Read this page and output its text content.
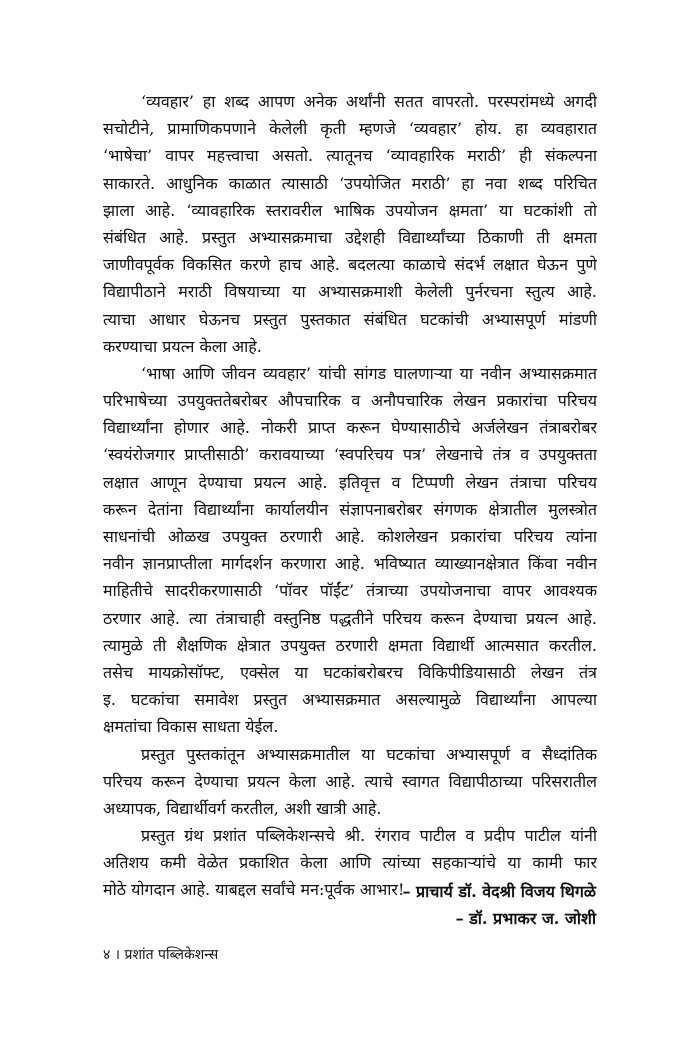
‘व्यवहार’ हा शब्द आपण अनेक अर्थांनी सतत वापरतो. परस्परांमध्ये अगदी
सचोटीने, प्रामाणिकपणाने केलेली कृती म्हणजे ‘व्यवहार’ होय. हा व्यवहारात
‘भाषेचा’ वापर महत्त्वाचा असतो. त्यातूनच ‘व्यावहारिक मराठी’ ही संकल्पना
साकारते. आधुनिक काळात त्यासाठी ‘उपयोजित मराठी’ हा नवा शब्द परिचित
झाला आहे. ‘व्यावहारिक स्तरावरील भाषिक उपयोजन क्षमता’ या घटकांशी तो
संबंधित आहे. प्रस्तुत अभ्यासक्रमाचा उद्देशही विद्यार्थ्यांच्या ठिकाणी ती क्षमता
जाणीवपूर्वक विकसित करणे हाच आहे. बदलत्या काळाचे संदर्भ लक्षात घेऊन पुणे
विद्यापीठाने मराठी विषयाच्या या अभ्यासक्रमाशी केलेली पुर्नरचना स्तुत्य आहे.
त्याचा आधार घेऊनच प्रस्तुत पुस्तकात संबंधित घटकांची अभ्यासपूर्ण मांडणी
करण्याचा प्रयत्न केला आहे.

‘भाषा आणि जीवन व्यवहार’ यांची सांगड घालणाऱ्या या नवीन अभ्यासक्रमात
परिभाषेच्या उपयुक्ततेबरोबर औपचारिक व अनौपचारिक लेखन प्रकारांचा परिचय
विद्यार्थ्यांना होणार आहे. नोकरी प्राप्त करून घेण्यासाठीचे अर्जलेखन तंत्राबरोबर
‘स्वयंरोजगार प्राप्तीसाठी’ करावयाच्या ‘स्वपरिचय पत्र’ लेखनाचे तंत्र व उपयुक्तता
लक्षात आणून देण्याचा प्रयत्न आहे. इतिवृत्त व टिप्पणी लेखन तंत्राचा परिचय
करून देतांना विद्यार्थ्यांना कार्यालयीन संज्ञापनाबरोबर संगणक क्षेत्रातील मुलस्त्रोत
साधनांची ओळख उपयुक्त ठरणारी आहे. कोशलेखन प्रकारांचा परिचय त्यांना
नवीन ज्ञानप्राप्तीला मार्गदर्शन करणारा आहे. भविष्यात व्याख्यानक्षेत्रात किंवा नवीन
माहितीचे सादरीकरणासाठी ‘पॉवर पॉईंट’ तंत्राच्या उपयोजनाचा वापर आवश्यक
ठरणार आहे. त्या तंत्राचाही वस्तुनिष्ठ पद्धतीने परिचय करून देण्याचा प्रयत्न आहे.
त्यामुळे ती शैक्षणिक क्षेत्रात उपयुक्त ठरणारी क्षमता विद्यार्थी आत्मसात करतील.
तसेच मायक्रोसॉफ्ट, एक्सेल या घटकांबरोबरच विकिपीडियासाठी लेखन तंत्र
इ. घटकांचा समावेश प्रस्तुत अभ्यासक्रमात असल्यामुळे विद्यार्थ्यांना आपल्या
क्षमतांचा विकास साधता येईल.

प्रस्तुत पुस्तकांतून अभ्यासक्रमातील या घटकांचा अभ्यासपूर्ण व सैध्दांतिक
परिचय करून देण्याचा प्रयत्न केला आहे. त्याचे स्वागत विद्यापीठाच्या परिसरातील
अध्यापक, विद्यार्थीवर्ग करतील, अशी खात्री आहे.

प्रस्तुत ग्रंथ प्रशांत पब्लिकेशन्सचे श्री. रंगराव पाटील व प्रदीप पाटील यांनी
अतिशय कमी वेळेत प्रकाशित केला आणि त्यांच्या सहकाऱ्यांचे या कामी फार
मोठे योगदान आहे. याबद्दल सर्वांचे मन:पूर्वक आभार!

– प्राचार्य डॉ. वेदश्री विजय थिगळे
– डॉ. प्रभाकर ज. जोशी
४ । प्रशांत पब्लिकेशन्स
